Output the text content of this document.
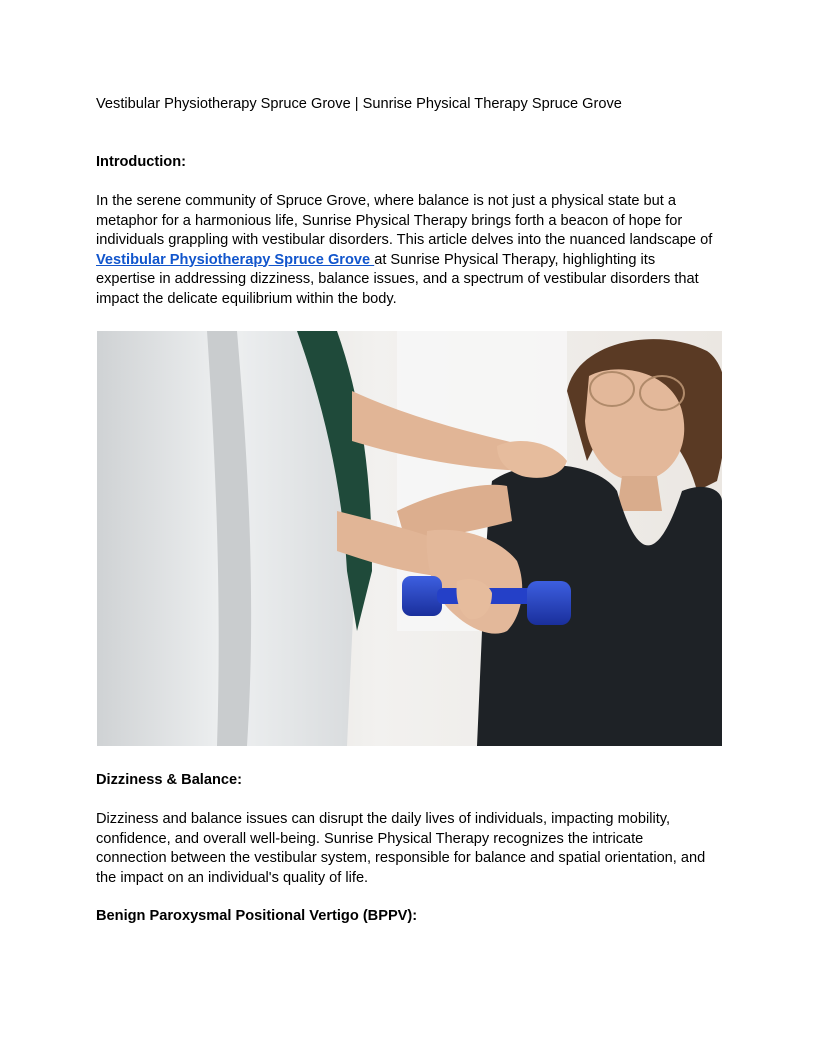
Vestibular Physiotherapy Spruce Grove | Sunrise Physical Therapy Spruce Grove

Introduction:

In the serene community of Spruce Grove, where balance is not just a physical state but a
metaphor for a harmonious life, Sunrise Physical Therapy brings forth a beacon of hope for
individuals grappling with vestibular disorders. This article delves into the nuanced landscape of
Vestibular Physiotherapy Spruce Grove at Sunrise Physical Therapy, highlighting its
expertise in addressing dizziness, balance issues, and a spectrum of vestibular disorders that
impact the delicate equilibrium within the body.

Dizziness & Balance:

Dizziness and balance issues can disrupt the daily lives of individuals, impacting mobility,
confidence, and overall well-being. Sunrise Physical Therapy recognizes the intricate
connection between the vestibular system, responsible for balance and spatial orientation, and
the impact on an individual's quality of life.

Benign Paroxysmal Positional Vertigo (BPPV):
